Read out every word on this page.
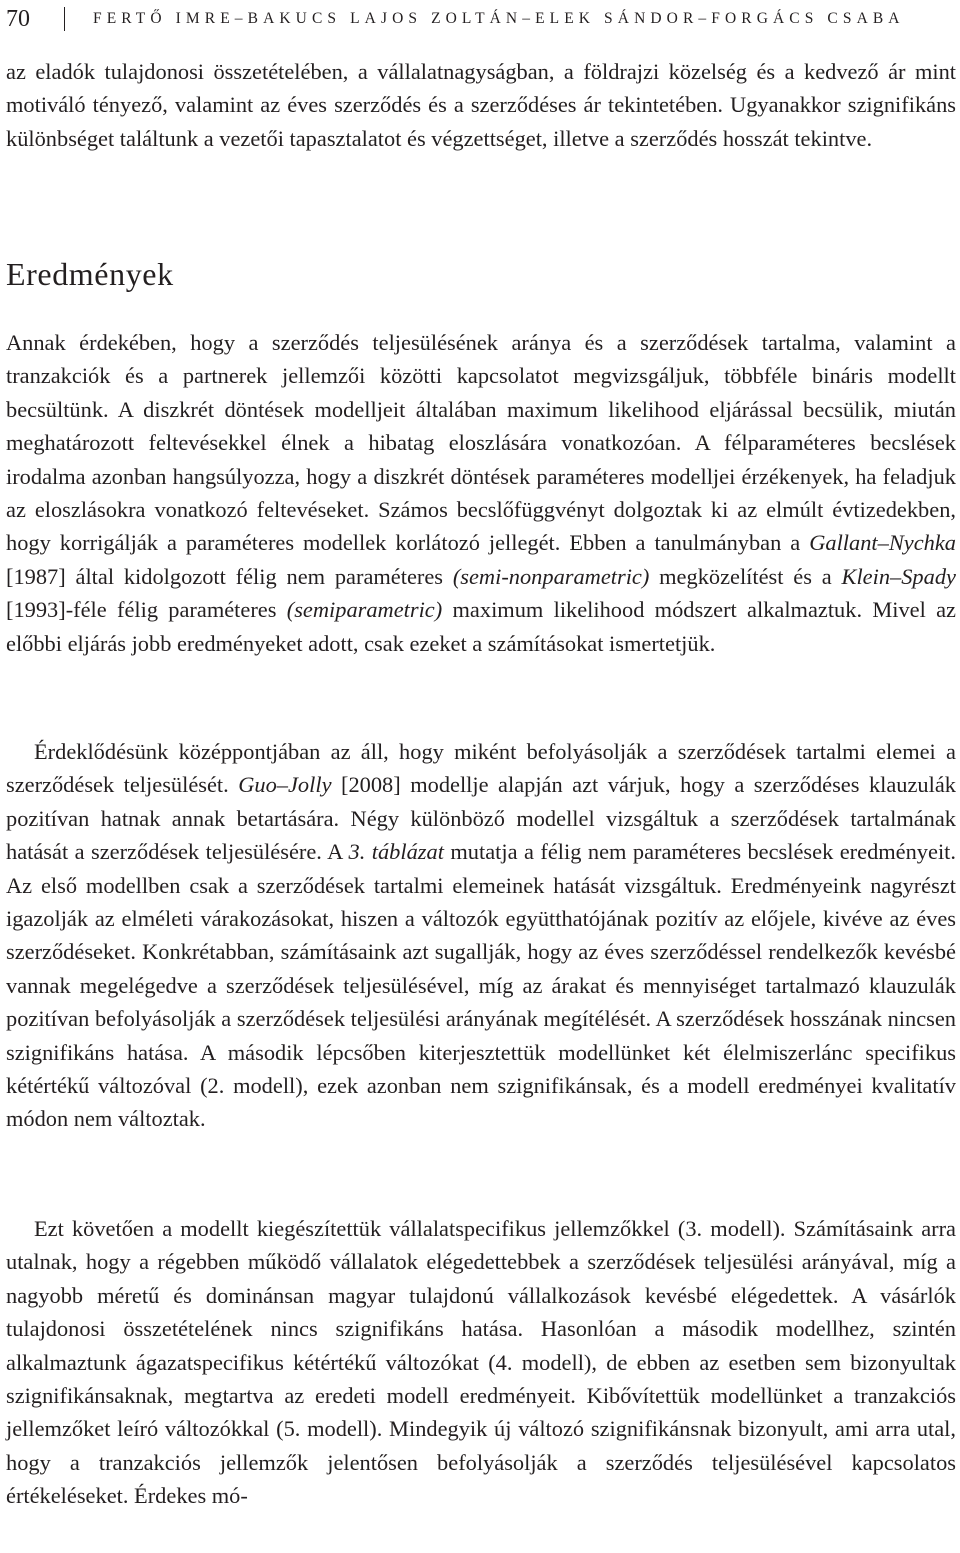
70	FERTŐ IMRE–BAKUCS LAJOS ZOLTÁN–ELEK SÁNDOR–FORGÁCS CSABA

az eladók tulajdonosi összetételében, a vállalatnagyságban, a földrajzi közelség és a kedvező ár mint motiváló tényező, valamint az éves szerződés és a szerződéses ár tekintetében. Ugyanakkor szignifikáns különbséget találtunk a vezetői tapasztalatot és végzettséget, illetve a szerződés hosszát tekintve.

Eredmények

Annak érdekében, hogy a szerződés teljesülésének aránya és a szerződések tartalma, valamint a tranzakciók és a partnerek jellemzői közötti kapcsolatot megvizsgáljuk, többféle bináris modellt becsültünk. A diszkrét döntések modelljeit általában maximum likelihood eljárással becsülik, miután meghatározott feltevésekkel élnek a hibatag eloszlására vonatkozóan. A félparaméteres becslések irodalma azonban hangsúlyozza, hogy a diszkrét döntések paraméteres modelljei érzékenyek, ha feladjuk az eloszlásokra vonatkozó feltevéseket. Számos becslőfüggvényt dolgoztak ki az elmúlt évtizedekben, hogy korrigálják a paraméteres modellek korlátozó jellegét. Ebben a tanulmányban a Gallant–Nychka [1987] által kidolgozott félig nem paraméteres (semi-nonparametric) megközelítést és a Klein–Spady [1993]-féle félig paraméteres (semiparametric) maximum likelihood módszert alkalmaztuk. Mivel az előbbi eljárás jobb eredményeket adott, csak ezeket a számításokat ismertetjük.

Érdeklődésünk középpontjában az áll, hogy miként befolyásolják a szerződések tartalmi elemei a szerződések teljesülését. Guo–Jolly [2008] modellje alapján azt várjuk, hogy a szerződéses klauzulák pozitívan hatnak annak betartására. Négy különböző modellel vizsgáltuk a szerződések tartalmának hatását a szerződések teljesülésére. A 3. táblázat mutatja a félig nem paraméteres becslések eredményeit. Az első modellben csak a szerződések tartalmi elemeinek hatását vizsgáltuk. Eredményeink nagyrészt igazolják az elméleti várakozásokat, hiszen a változók együtthatójának pozitív az előjele, kivéve az éves szerződéseket. Konkrétabban, számításaink azt sugallják, hogy az éves szerződéssel rendelkezők kevésbé vannak megelégedve a szerződések teljesülésével, míg az árakat és mennyiséget tartalmazó klauzulák pozitívan befolyásolják a szerződések teljesülési arányának megítélését. A szerződések hosszának nincsen szignifikáns hatása. A második lépcsőben kiterjesztettük modellünket két élelmiszerlánc specifikus kétértékű változóval (2. modell), ezek azonban nem szignifikánsak, és a modell eredményei kvalitatív módon nem változtak.

Ezt követően a modellt kiegészítettük vállalatspecifikus jellemzőkkel (3. modell). Számításaink arra utalnak, hogy a régebben működő vállalatok elégedettebbek a szerződések teljesülési arányával, míg a nagyobb méretű és dominánsan magyar tulajdonú vállalkozások kevésbé elégedettek. A vásárlók tulajdonosi összetételének nincs szignifikáns hatása. Hasonlóan a második modellhez, szintén alkalmaztunk ágazatspecifikus kétértékű változókat (4. modell), de ebben az esetben sem bizonyultak szignifikánsaknak, megtartva az eredeti modell eredményeit. Kibővítettük modellünket a tranzakciós jellemzőket leíró változókkal (5. modell). Mindegyik új változó szignifikánsnak bizonyult, ami arra utal, hogy a tranzakciós jellemzők jelentősen befolyásolják a szerződés teljesülésével kapcsolatos értékeléseket. Érdekes mó-
